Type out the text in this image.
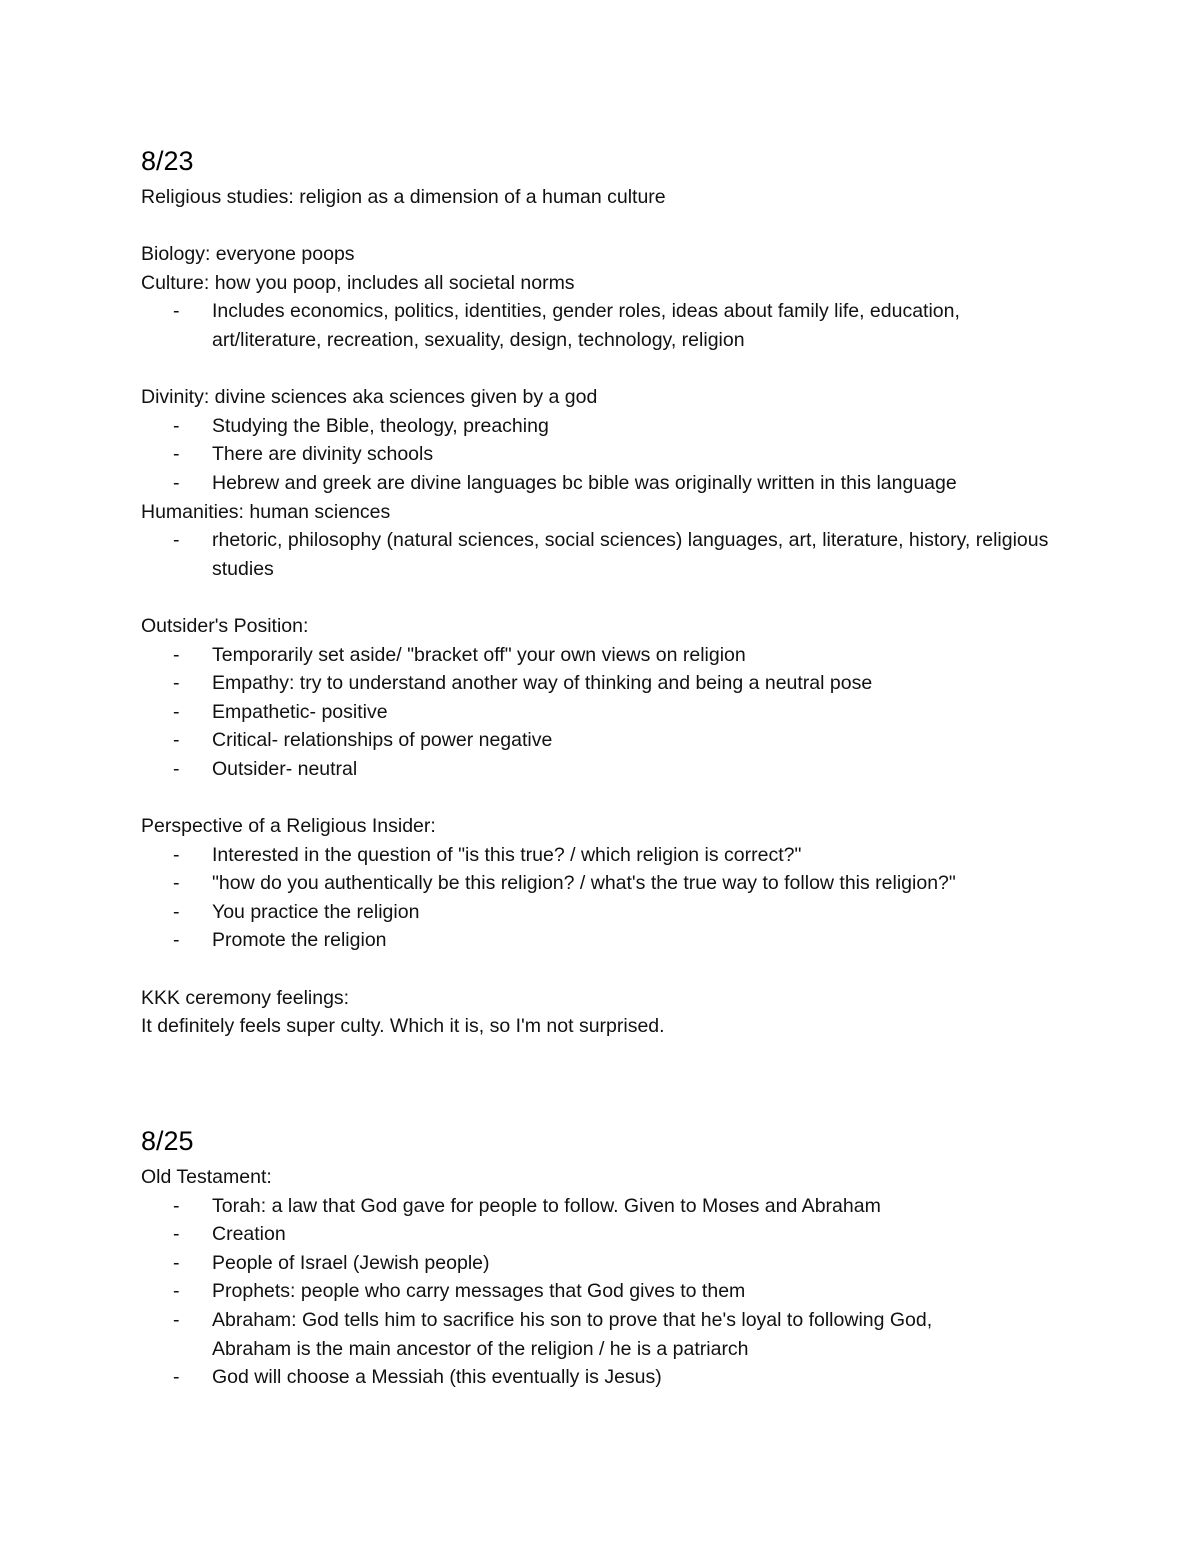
8/23

Religious studies: religion as a dimension of a human culture

Biology: everyone poops

Culture: how you poop, includes all societal norms

- Includes economics, politics, identities, gender roles, ideas about family life, education, art/literature, recreation, sexuality, design, technology, religion

Divinity: divine sciences aka sciences given by a god

- Studying the Bible, theology, preaching
- There are divinity schools
- Hebrew and greek are divine languages bc bible was originally written in this language

Humanities: human sciences

- rhetoric, philosophy (natural sciences, social sciences) languages, art, literature, history, religious studies

Outsider's Position:

- Temporarily set aside/ "bracket off" your own views on religion
- Empathy: try to understand another way of thinking and being a neutral pose
- Empathetic- positive
- Critical- relationships of power negative
- Outsider- neutral

Perspective of a Religious Insider:

- Interested in the question of "is this true? / which religion is correct?"
- "how do you authentically be this religion? / what's the true way to follow this religion?"
- You practice the religion
- Promote the religion

KKK ceremony feelings:

It definitely feels super culty. Which it is, so I'm not surprised.

8/25

Old Testament:

- Torah: a law that God gave for people to follow. Given to Moses and Abraham
- Creation
- People of Israel (Jewish people)
- Prophets: people who carry messages that God gives to them
- Abraham: God tells him to sacrifice his son to prove that he's loyal to following God, Abraham is the main ancestor of the religion / he is a patriarch
- God will choose a Messiah (this eventually is Jesus)
